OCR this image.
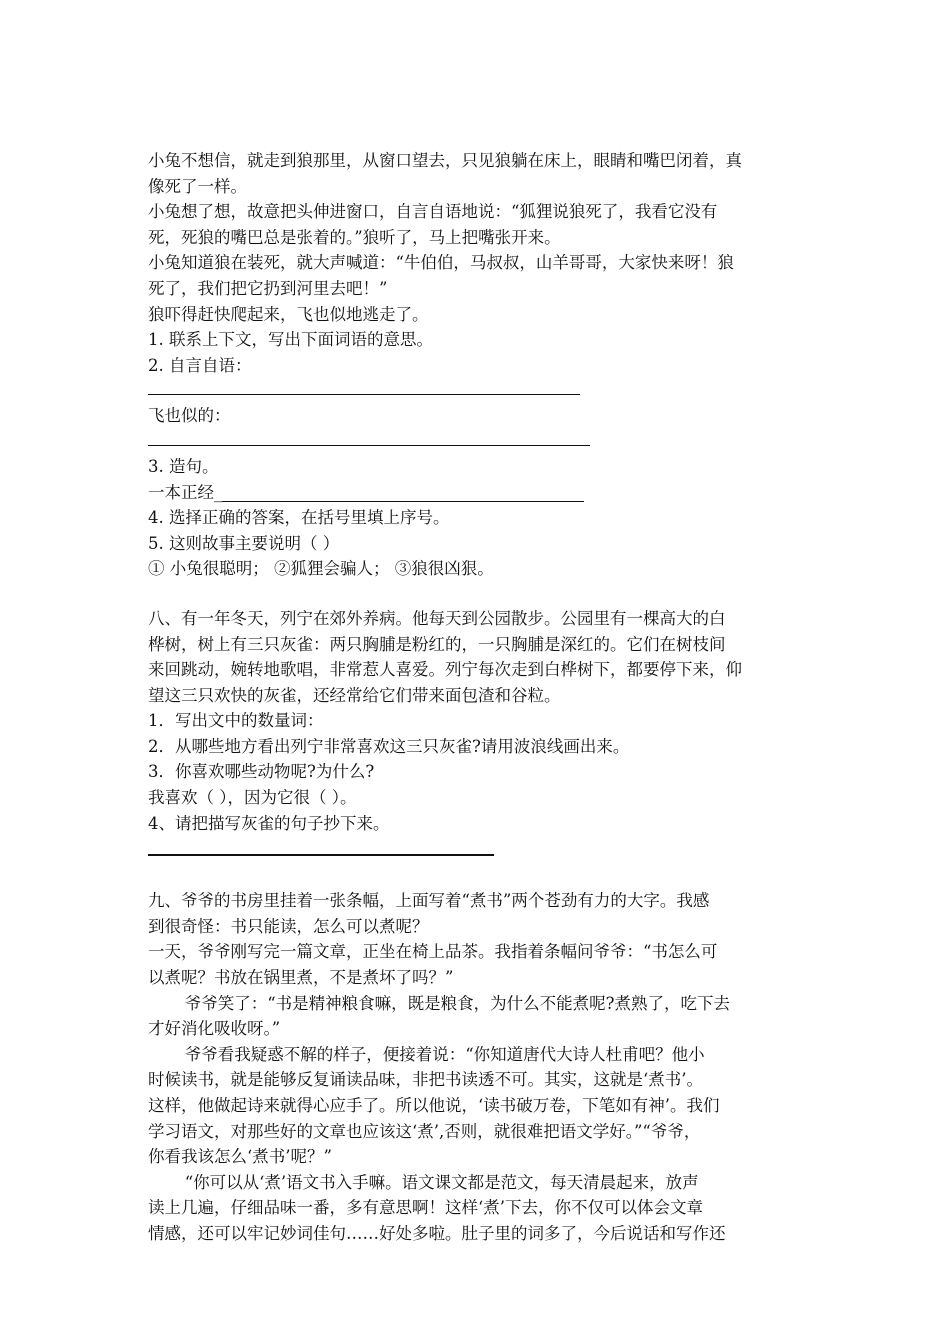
小兔不想信，就走到狼那里，从窗口望去，只见狼躺在床上，眼睛和嘴巴闭着，真

像死了一样。

小兔想了想，故意把头伸进窗口，自言自语地说：“狐狸说狼死了，我看它没有

死，死狼的嘴巴总是张着的。”狼听了，马上把嘴张开来。

小兔知道狼在装死，就大声喊道：“牛伯伯，马叔叔，山羊哥哥，大家快来呀！狼

死了，我们把它扔到河里去吧！”

狼吓得赶快爬起来，飞也似地逃走了。

1. 联系上下文，写出下面词语的意思。

2. 自言自语：

飞也似的：

3. 造句。

一本正经_

4. 选择正确的答案，在括号里填上序号。

5. 这则故事主要说明（ ）

① 小兔很聪明； ②狐狸会骗人； ③狼很凶狠。

八、有一年冬天，列宁在郊外养病。他每天到公园散步。公园里有一棵高大的白

桦树，树上有三只灰雀：两只胸脯是粉红的，一只胸脯是深红的。它们在树枝间

来回跳动，婉转地歌唱，非常惹人喜爱。列宁每次走到白桦树下，都要停下来，仰

望这三只欢快的灰雀，还经常给它们带来面包渣和谷粒。

1．写出文中的数量词：

2．从哪些地方看出列宁非常喜欢这三只灰雀?请用波浪线画出来。

3．你喜欢哪些动物呢?为什么?

我喜欢（ ），因为它很（ ）。

4、请把描写灰雀的句子抄下来。

九、爷爷的书房里挂着一张条幅，上面写着“煮书”两个苍劲有力的大字。我感

到很奇怪：书只能读，怎么可以煮呢？

一天，爷爷刚写完一篇文章，正坐在椅上品茶。我指着条幅问爷爷：“书怎么可

以煮呢？书放在锅里煮，不是煮坏了吗？”

爷爷笑了：“书是精神粮食嘛，既是粮食，为什么不能煮呢?煮熟了，吃下去

才好消化吸收呀。”

爷爷看我疑惑不解的样子，便接着说：“你知道唐代大诗人杜甫吧？他小

时候读书，就是能够反复诵读品味，非把书读透不可。其实，这就是‘煮书’。

这样，他做起诗来就得心应手了。所以他说，‘读书破万卷，下笔如有神’。我们

学习语文，对那些好的文章也应该这‘煮’,否则，就很难把语文学好。”“爷爷，

你看我该怎么‘煮书’呢？”

“你可以从‘煮’语文书入手嘛。语文课文都是范文，每天清晨起来，放声

读上几遍，仔细品味一番，多有意思啊！这样‘煮’下去，你不仅可以体会文章

情感，还可以牢记妙词佳句……好处多啦。肚子里的词多了，今后说话和写作还
